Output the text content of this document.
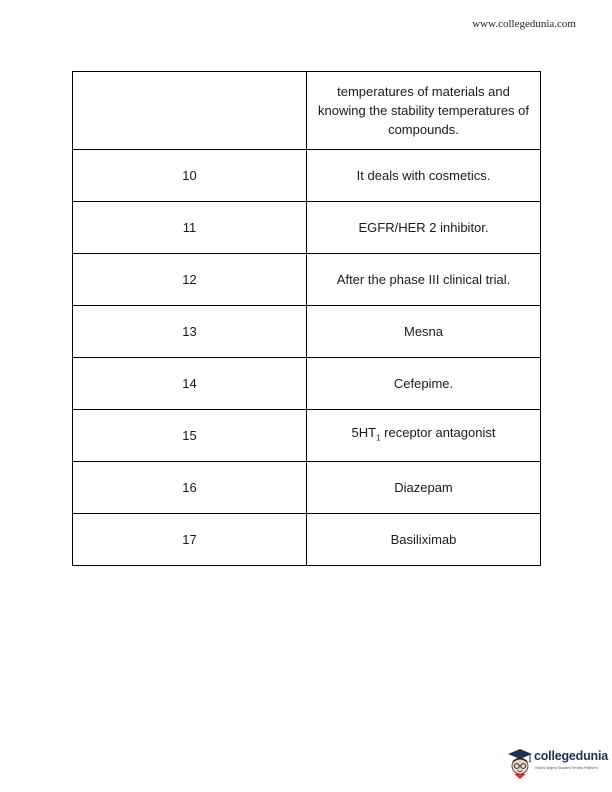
www.collegedunia.com
	temperatures of materials and knowing the stability temperatures of compounds.
10	It deals with cosmetics.
11	EGFR/HER 2 inhibitor.
12	After the phase III clinical trial.
13	Mesna
14	Cefepime.
15	$5HT_1$ receptor antagonist
16	Diazepam
17	Basiliximab
collegedunia
India's largest Student Review Platform
